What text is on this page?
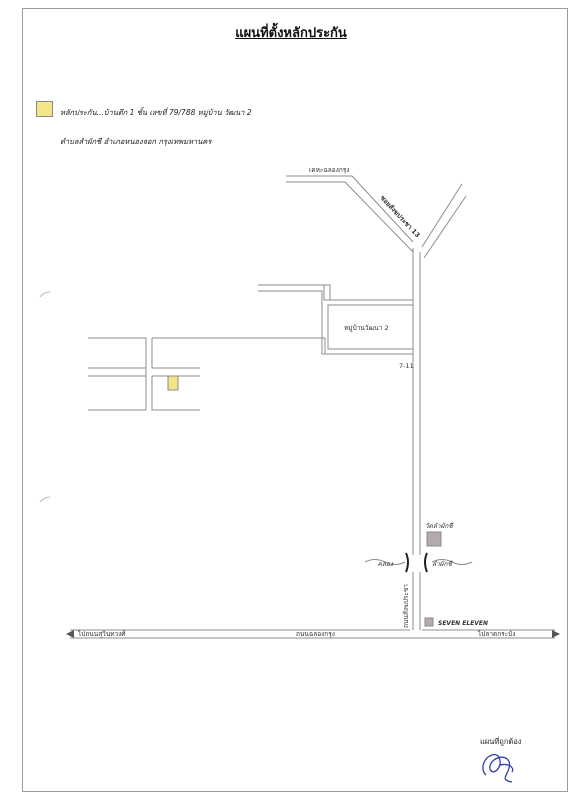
แผนที่ตั้งหลักประกัน
หลักประกัน...บ้านตึก 1 ชั้น เลขที่ 79/788 หมู่บ้าน วัฒนา 2
ตำบลลำผักชี อำเภอหนองจอก กรุงเทพมหานคร
เคหะฉลองกรุง
ซอยสังฆประชา 13
หมู่บ้านวัฒนา 2
7-11
วัดลำผักชี
คลอง	ลำผักชี
ถนนสังฆประชา	SEVEN ELEVEN
ถนนฉลองกรุง
ไปถนนสุวินทวงศ์	ไปลาดกระบัง
แผนที่ถูกต้อง
